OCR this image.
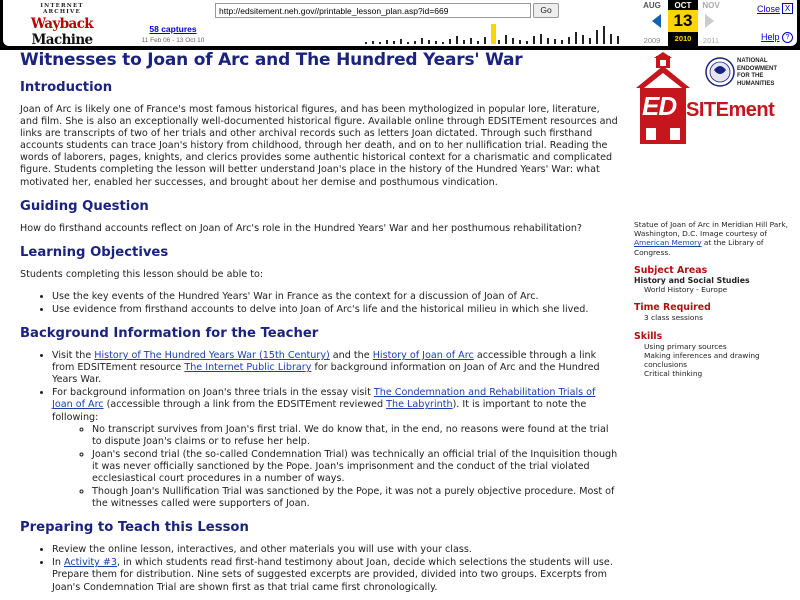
INTERNET ARCHIVE
Wayback
Machine
58 captures
11 Feb 06 - 13 Oct 10
http://edsitement.neh.gov//printable_lesson_plan.asp?id=669
Go	AUG
2009
OCT
13
2010
NOV
2011
Close X
Help ?
Witnesses to Joan of Arc and The Hundred Years' War
Introduction

Joan of Arc is likely one of France's most famous historical figures, and has been mythologized in popular lore, literature, and film. She is also an exceptionally well-documented historical figure. Available online through EDSITEment resources and links are transcripts of two of her trials and other archival records such as letters Joan dictated. Through such firsthand accounts students can trace Joan's history from childhood, through her death, and on to her nullification trial. Reading the words of laborers, pages, knights, and clerics provides some authentic historical context for a charismatic and complicated figure. Students completing the lesson will better understand Joan's place in the history of the Hundred Years' War: what motivated her, enabled her successes, and brought about her demise and posthumous vindication.

Guiding Question

How do firsthand accounts reflect on Joan of Arc's role in the Hundred Years' War and her posthumous rehabilitation?

Learning Objectives

Students completing this lesson should be able to:

• Use the key events of the Hundred Years' War in France as the context for a discussion of Joan of Arc.
• Use evidence from firsthand accounts to delve into Joan of Arc's life and the historical milieu in which she lived.
Background Information for the Teacher
• Visit the History of The Hundred Years War (15th Century) and the History of Joan of Arc accessible through a link from EDSITEment resource The Internet Public Library for background information on Joan of Arc and the Hundred Years War.
• For background information on Joan's three trials in the essay visit The Condemnation and Rehabilitation Trials of Joan of Arc (accessible through a link from the EDSITEment reviewed The Labyrinth). It is important to note the following:
◦ No transcript survives from Joan's first trial. We do know that, in the end, no reasons were found at the trial to dispute Joan's claims or to refuse her help.
◦ Joan's second trial (the so-called Condemnation Trial) was technically an official trial of the Inquisition though it was never officially sanctioned by the Pope. Joan's imprisonment and the conduct of the trial violated ecclesiastical court procedures in a number of ways.
◦ Though Joan's Nullification Trial was sanctioned by the Pope, it was not a purely objective procedure. Most of the witnesses called were supporters of Joan.
Preparing to Teach this Lesson
• Review the online lesson, interactives, and other materials you will use with your class.
• In Activity #3, in which students read first-hand testimony about Joan, decide which selections the students will use. Prepare them for distribution. Nine sets of suggested excerpts are provided, divided into two groups. Excerpts from Joan's Condemnation Trial are shown first as that trial came first chronologically.
NATIONAL ENDOWMENT FOR THE HUMANITIES
ED SITEment
Statue of Joan of Arc in Meridian Hill Park, Washington, D.C. Image courtesy of American Memory at the Library of Congress.
Subject Areas
History and Social Studies
World History - Europe
Time Required
3 class sessions
Skills
Using primary sources
Making inferences and drawing conclusions
Critical thinking
